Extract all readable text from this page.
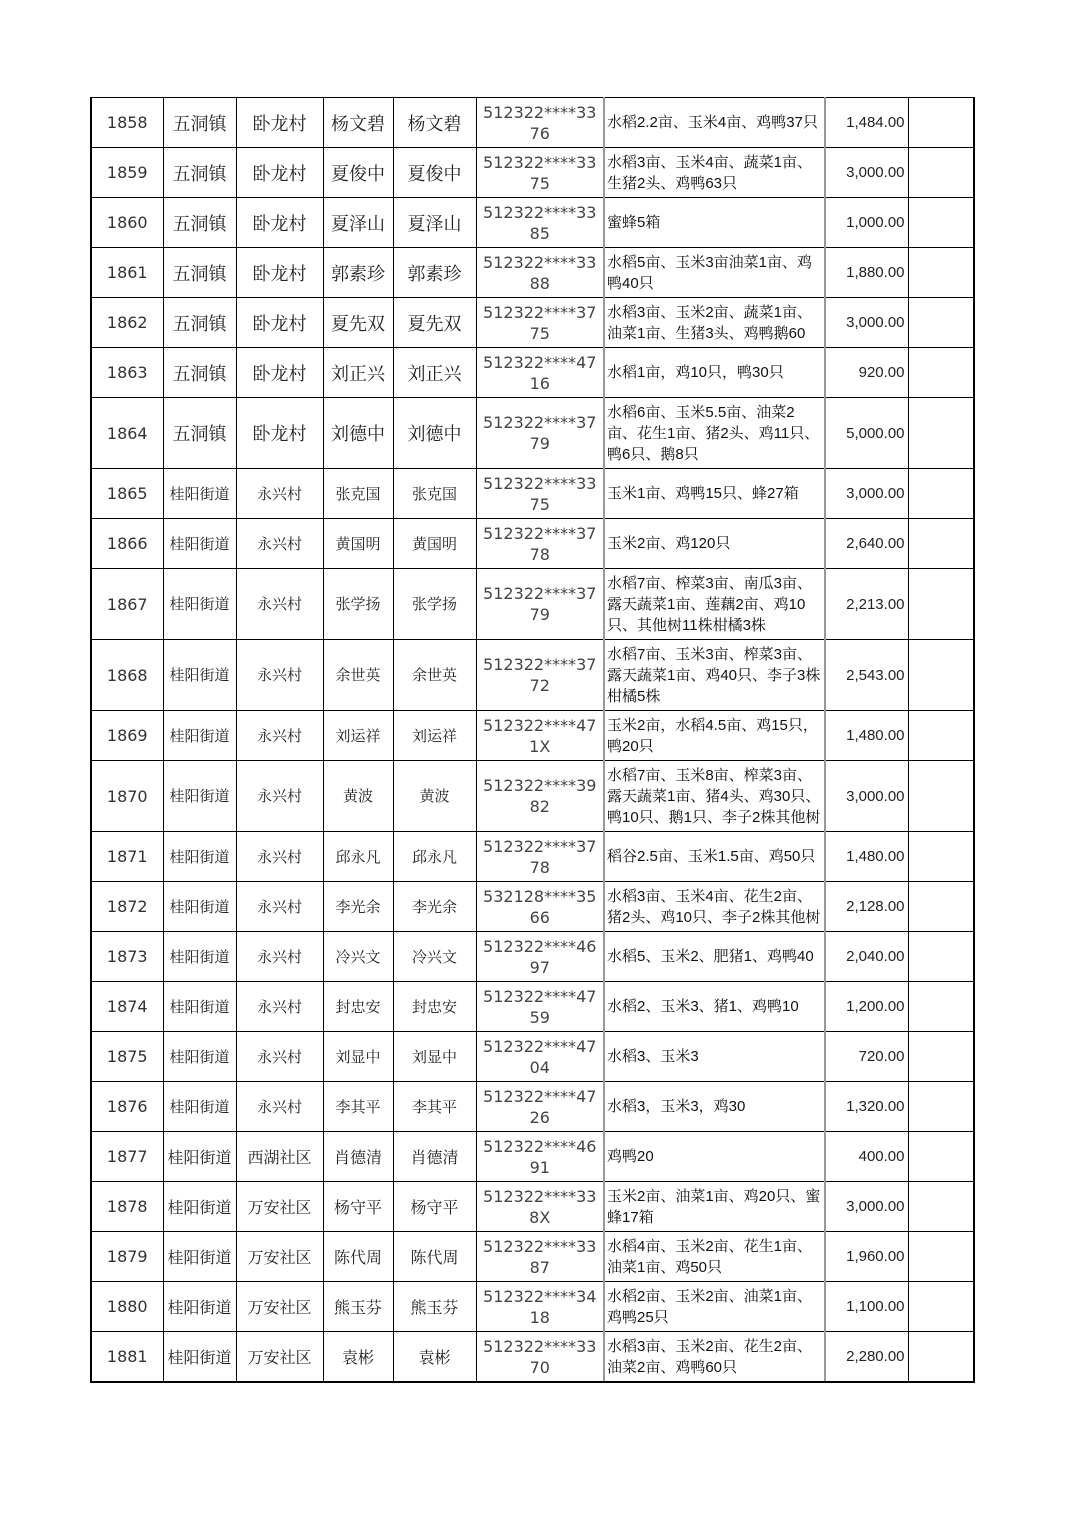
1858	五洞镇	卧龙村	杨文碧	杨文碧	512322****3376	水稻2.2亩、玉米4亩、鸡鸭37只	1,484.00	
1859	五洞镇	卧龙村	夏俊中	夏俊中	512322****3375	水稻3亩、玉米4亩、蔬菜1亩、生猪2头、鸡鸭63只	3,000.00	
1860	五洞镇	卧龙村	夏泽山	夏泽山	512322****3385	蜜蜂5箱	1,000.00	
1861	五洞镇	卧龙村	郭素珍	郭素珍	512322****3388	水稻5亩、玉米3亩油菜1亩、鸡鸭40只	1,880.00	
1862	五洞镇	卧龙村	夏先双	夏先双	512322****3775	水稻3亩、玉米2亩、蔬菜1亩、油菜1亩、生猪3头、鸡鸭鹅60	3,000.00	
1863	五洞镇	卧龙村	刘正兴	刘正兴	512322****4716	水稻1亩，鸡10只，鸭30只	920.00	
1864	五洞镇	卧龙村	刘德中	刘德中	512322****3779	水稻6亩、玉米5.5亩、油菜2亩、花生1亩、猪2头、鸡11只、鸭6只、鹅8只	5,000.00	
1865	桂阳街道	永兴村	张克国	张克国	512322****3375	玉米1亩、鸡鸭15只、蜂27箱	3,000.00	
1866	桂阳街道	永兴村	黄国明	黄国明	512322****3778	玉米2亩、鸡120只	2,640.00	
1867	桂阳街道	永兴村	张学扬	张学扬	512322****3779	水稻7亩、榨菜3亩、南瓜3亩、露天蔬菜1亩、莲藕2亩、鸡10只、其他树11株柑橘3株	2,213.00	
1868	桂阳街道	永兴村	余世英	余世英	512322****3772	水稻7亩、玉米3亩、榨菜3亩、露天蔬菜1亩、鸡40只、李子3株柑橘5株	2,543.00	
1869	桂阳街道	永兴村	刘运祥	刘运祥	512322****471X	玉米2亩，水稻4.5亩、鸡15只，鸭20只	1,480.00	
1870	桂阳街道	永兴村	黄波	黄波	512322****3982	水稻7亩、玉米8亩、榨菜3亩、露天蔬菜1亩、猪4头、鸡30只、鸭10只、鹅1只、李子2株其他树	3,000.00	
1871	桂阳街道	永兴村	邱永凡	邱永凡	512322****3778	稻谷2.5亩、玉米1.5亩、鸡50只	1,480.00	
1872	桂阳街道	永兴村	李光余	李光余	532128****3566	水稻3亩、玉米4亩、花生2亩、猪2头、鸡10只、李子2株其他树	2,128.00	
1873	桂阳街道	永兴村	冷兴文	冷兴文	512322****4697	水稻5、玉米2、肥猪1、鸡鸭40	2,040.00	
1874	桂阳街道	永兴村	封忠安	封忠安	512322****4759	水稻2、玉米3、猪1、鸡鸭10	1,200.00	
1875	桂阳街道	永兴村	刘显中	刘显中	512322****4704	水稻3、玉米3	720.00	
1876	桂阳街道	永兴村	李其平	李其平	512322****4726	水稻3，玉米3，鸡30	1,320.00	
1877	桂阳街道	西湖社区	肖德清	肖德清	512322****4691	鸡鸭20	400.00	
1878	桂阳街道	万安社区	杨守平	杨守平	512322****338X	玉米2亩、油菜1亩、鸡20只、蜜蜂17箱	3,000.00	
1879	桂阳街道	万安社区	陈代周	陈代周	512322****3387	水稻4亩、玉米2亩、花生1亩、油菜1亩、鸡50只	1,960.00	
1880	桂阳街道	万安社区	熊玉芬	熊玉芬	512322****3418	水稻2亩、玉米2亩、油菜1亩、鸡鸭25只	1,100.00	
1881	桂阳街道	万安社区	袁彬	袁彬	512322****3370	水稻3亩、玉米2亩、花生2亩、油菜2亩、鸡鸭60只	2,280.00	
